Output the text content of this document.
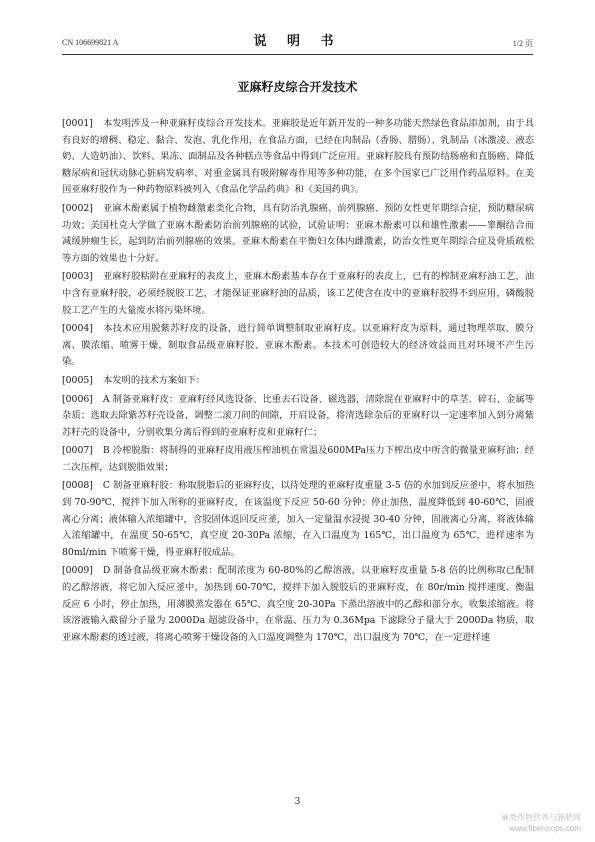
CN 106699821 A	说 明 书	1/2 页
亚麻籽皮综合开发技术

[0001] 本发明涉及一种亚麻籽皮综合开发技术。亚麻胶是近年新开发的一种多功能天然绿色食品添加剂，由于具有良好的增稠、稳定、黏合、发泡、乳化作用，在食品方面，已经在肉制品（香肠、腊肠）、乳制品（冰激凌、液态奶、人造奶油）、饮料、果冻、面制品及各种糕点等食品中得到广泛应用。亚麻籽胶具有预防结肠癌和直肠癌、降低糖尿病和冠状动脉心脏病发病率、对重金属具有吸附解毒作用等多种功能，在多个国家已广泛用作药品原料。在美国亚麻籽胶作为一种药物原料被列入《食品化学品药典》和《美国药典》。

[0002] 亚麻木酚素属于植物雌激素类化合物，具有防治乳腺癌、前列腺癌、预防女性更年期综合症，预防糖尿病功效；美国杜克大学做了亚麻木酚素防治前列腺癌的试验，试验证明：亚麻木酚素可以和雄性激素——睾酮结合而减缓肿瘤生长，起到防治前列腺癌的效果。亚麻木酚素在平衡妇女体内雌激素，防治女性更年期综合症及骨质疏松等方面的效果也十分好。

[0003] 亚麻籽胶粘附在亚麻籽的表皮上，亚麻木酚素基本存在于亚麻籽的表皮上，已有的榨制亚麻籽油工艺，油中含有亚麻籽胶，必须经脱胶工艺，才能保证亚麻籽油的品质，该工艺使含在皮中的亚麻籽胶得不到应用，磷酸脱胶工艺产生的大量废水将污染环境。

[0004] 本技术应用脱紫苏籽皮的设备，进行简单调整制取亚麻籽皮。以亚麻籽皮为原料，通过物理萃取、膜分离、膜浓缩、喷雾干燥，制取食品级亚麻籽胶、亚麻木酚素。本技术可创造较大的经济效益而且对环境不产生污染。

[0005] 本发明的技术方案如下：

[0006] A 制备亚麻籽皮：亚麻籽经风选设备、比重去石设备、磁选器，清除混在亚麻籽中的草茎、碎石、金属等杂质；选取去除紫苏籽壳设备，调整二滚刀间的间隙，开启设备，将清选除杂后的亚麻籽以一定速率加入到分离紫苏籽壳的设备中，分别收集分离后得到的亚麻籽皮和亚麻籽仁；

[0007] B 冷榨脱脂：将制得的亚麻籽皮用液压榨油机在常温及600MPa压力下榨出皮中所含的微量亚麻籽油；经二次压榨，达到脱脂效果；

[0008] C 制备亚麻籽胶：称取脱脂后的亚麻籽皮，以待处理的亚麻籽皮重量 3-5 倍的水加到反应釜中，将水加热到 70-90℃，搅拌下加入所称的亚麻籽皮，在该温度下反应 50-60 分钟；停止加热，温度降低到 40-60℃，固液离心分离；液体输入浓缩罐中，含胶固体返回反应釜，加入一定量温水浸提 30-40 分钟，固液离心分离，将液体输入浓缩罐中，在温度 50-65℃，真空度 20-30Pa 浓缩，在入口温度为 165℃，出口温度为 65℃，进样速率为 80ml/min 下喷雾干燥，得亚麻籽胶成品。

[0009] D 制备食品级亚麻木酚素：配制浓度为 60-80%的乙醇溶液，以亚麻籽皮重量 5-8 倍的比例称取已配制的乙醇溶液，将它加入反应釜中，加热到 60-70℃，搅拌下加入脱胶后的亚麻籽皮，在 80r/min 搅拌速度、衡温反应 6 小时，停止加热，用薄膜蒸发器在 65℃、真空度 20-30Pa 下蒸出溶液中的乙醇和部分水，收集浓缩液。将该溶液输入截留分子量为 2000Da 超滤设备中，在常温、压力为 0.36Mpa 下滤除分子量大于 2000Da 物质，取亚麻木酚素的透过液，将离心喷雾干燥设备的入口温度调整为 170℃，出口温度为 70℃，在一定进样速

3
麻类作物营养与施肥网
www.fibercrops.com
